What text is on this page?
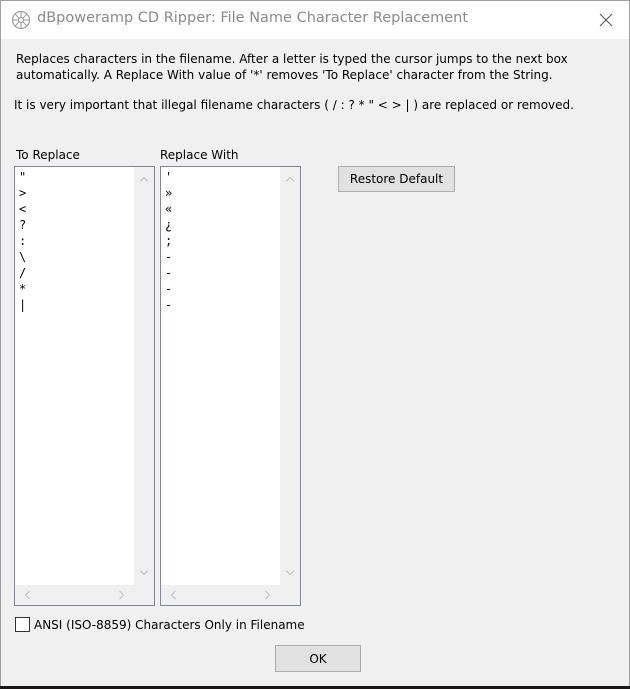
dBpoweramp CD Ripper: File Name Character Replacement
Replaces characters in the filename. After a letter is typed the cursor jumps to the next box
automatically. A Replace With value of '*' removes 'To Replace' character from the String.
It is very important that illegal filename characters ( / : ? * " < > | ) are replaced or removed.
To Replace	Replace With
"
>
<
?
:
\
/
*
|
'
»
«
¿
;
-
-
-
-
Restore Default
ANSI (ISO-8859) Characters Only in Filename
OK
